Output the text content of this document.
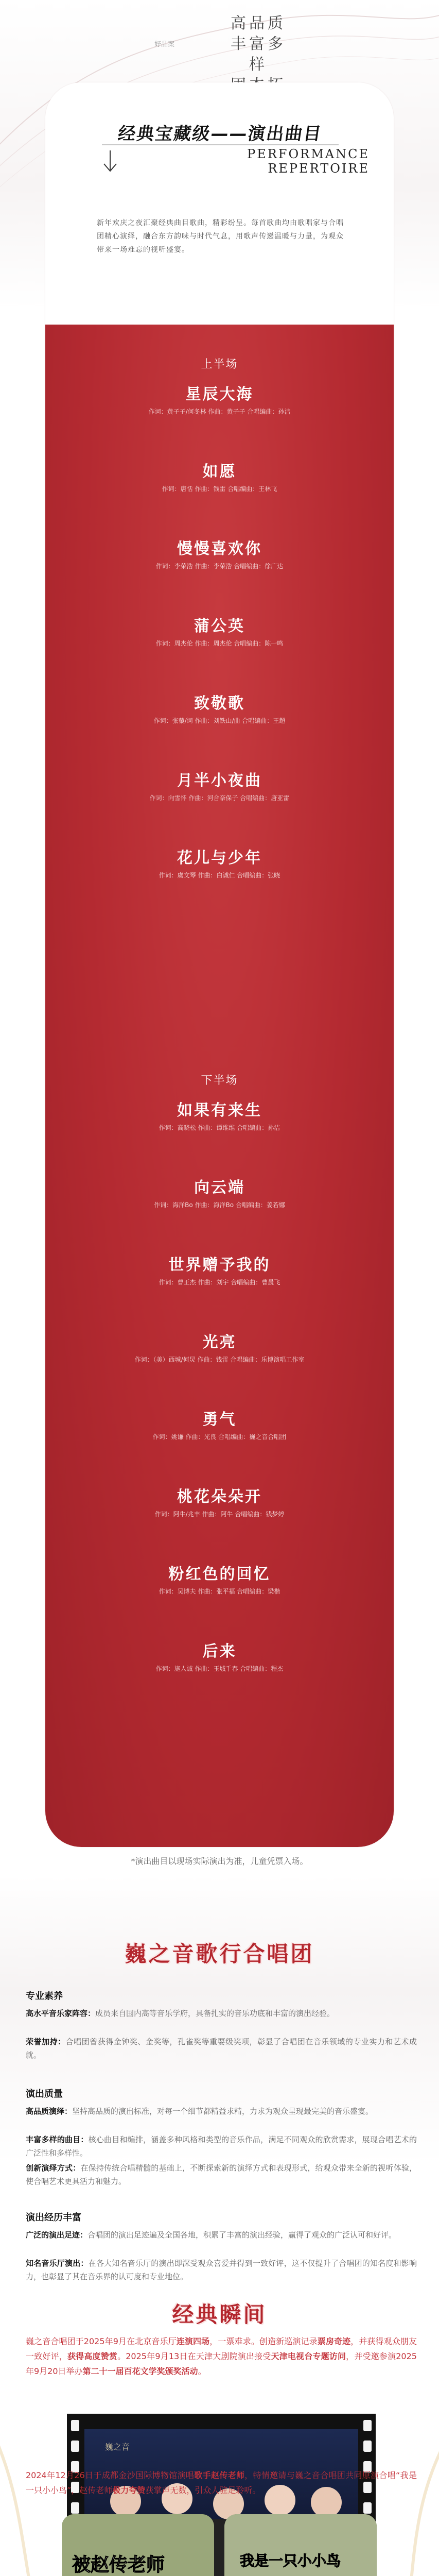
好品案
高品质
丰富多样
经典宝藏级——演出曲目
PERFORMANCE
REPERTOIRE
新年欢庆之夜汇聚经典曲目歌曲，精彩纷呈。每首歌曲均由歌唱家与合唱团精心演绎，融合东方韵味与时代气息，用歌声传递温暖与力量，为观众带来一场难忘的视听盛宴。
上半场
星辰大海
作词：黄子子/何冬林 作曲：黄子子 合唱编曲：孙洁
如愿
作词：唐恬 作曲：钱雷 合唱编曲：王林飞
慢慢喜欢你
作词：李荣浩 作曲：李荣浩 合唱编曲：徐广达
蒲公英
作词：周杰伦 作曲：周杰伦 合唱编曲：陈一鸣
致敬歌
作词：张藜/词 作曲：刘铁山/曲 合唱编曲：王超
月半小夜曲
作词：向雪怀 作曲：河合奈保子 合唱编曲：唐亚雷
花儿与少年
作词：虞文琴 作曲：白诚仁 合唱编曲：张晓
下半场
如果有来生
作词：高晓松 作曲：谭维维 合唱编曲：孙洁
向云端
作词：海洋Bo 作曲：海洋Bo 合唱编曲：姜若娜
世界赠予我的
作词：曹正杰 作曲：刘宇 合唱编曲：曹晨飞
光亮
作词：（美）西城/何炅 作曲：钱雷 合唱编曲：乐博演唱工作室
勇气
作词：姚谦 作曲：光良 合唱编曲：巍之音合唱团
桃花朵朵开
作词：阿牛/兆丰 作曲：阿牛 合唱编曲：钱梦婷
粉红色的回忆
作词：吴博夫 作曲：张平福 合唱编曲：梁楷
后来
作词：施人诚 作曲：玉城千春 合唱编曲：程杰
*演出曲目以现场实际演出为准，儿童凭票入场。
巍之音歌行合唱团
专业素养
高水平音乐家阵容：成员来自国内高等音乐学府，具备扎实的音乐功底和丰富的演出经验。
荣誉加持：合唱团曾获得金钟奖、金奖等，孔雀奖等重要级奖项，彰显了合唱团在音乐领域的专业实力和艺术成就。
演出质量
高品质演绎：坚持高品质的演出标准，对每一个细节都精益求精，力求为观众呈现最完美的音乐盛宴。
丰富多样的曲目：核心曲目和编排，涵盖多种风格和类型的音乐作品，满足不同观众的欣赏需求，展现合唱艺术的广泛性和多样性。
创新演绎方式：在保持传统合唱精髓的基础上，不断探索新的演绎方式和表现形式，给观众带来全新的视听体验，使合唱艺术更具活力和魅力。
演出经历丰富
广泛的演出足迹：合唱团的演出足迹遍及全国各地，积累了丰富的演出经验，赢得了观众的广泛认可和好评。
知名音乐厅演出：在各大知名音乐厅的演出即深受观众喜爱并得到一致好评，这不仅提升了合唱团的知名度和影响力，也彰显了其在音乐界的认可度和专业地位。
经典瞬间
巍之音合唱团于2025年9月在北京音乐厅连演四场，一票难求。创造新巡演记录票房奇迹，并获得观众朋友一致好评，获得高度赞赏。2025年9月13日在天津大剧院演出接受天津电视台专题访问，并受邀参演2025年9月20日举办第二十一届百花文学奖颁奖活动。
巍之音
2024年12月26日于成都金沙国际博物馆演唱歌手赵传老师，特情邀请与巍之音合唱团共同原演合唱“我是一只小小鸟”，赵传老师极力夸赞获掌声无数，引众人驻足聆听。
被赵传老师	我是一只小小鸟
